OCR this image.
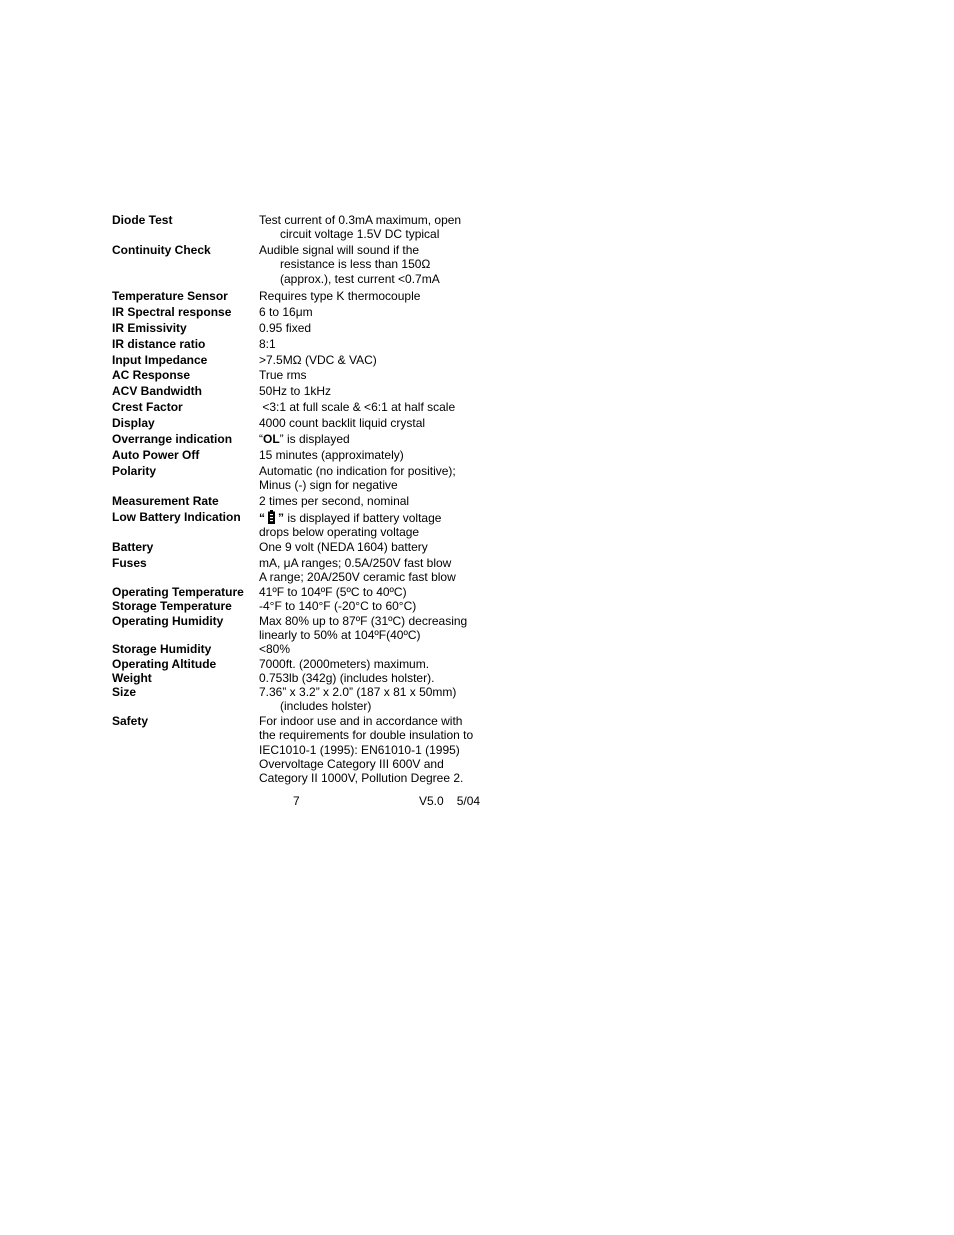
Diode Test	Test current of 0.3mA maximum, open
circuit voltage 1.5V DC typical
Continuity Check	Audible signal will sound if the
resistance is less than 150Ω
(approx.), test current <0.7mA
Temperature Sensor	Requires type K thermocouple
IR Spectral response	6 to 16μm
IR Emissivity	0.95 fixed
IR distance ratio	8:1
Input Impedance	>7.5MΩ (VDC & VAC)
AC Response	True rms
ACV Bandwidth	50Hz to 1kHz
Crest Factor	<3:1 at full scale & <6:1 at half scale
Display	4000 count backlit liquid crystal
Overrange indication	“OL” is displayed
Auto Power Off	15 minutes (approximately)
Polarity	Automatic (no indication for positive);
Minus (-) sign for negative
Measurement Rate	2 times per second, nominal
Low Battery Indication	“ ” is displayed if battery voltage
drops below operating voltage
Battery	One 9 volt (NEDA 1604) battery
Fuses	mA, μA ranges; 0.5A/250V fast blow
A range; 20A/250V ceramic fast blow
Operating Temperature	41ºF to 104ºF (5ºC to 40ºC)
Storage Temperature	-4°F to 140°F (-20°C to 60°C)
Operating Humidity	Max 80% up to 87ºF (31ºC) decreasing
linearly to 50% at 104ºF(40ºC)
Storage Humidity	<80%
Operating Altitude	7000ft. (2000meters) maximum.
Weight	0.753lb (342g) (includes holster).
Size	7.36” x 3.2” x 2.0” (187 x 81 x 50mm)
(includes holster)
Safety	For indoor use and in accordance with
the requirements for double insulation to
IEC1010-1 (1995): EN61010-1 (1995)
Overvoltage Category III 600V and
Category II 1000V, Pollution Degree 2.
7	V5.0 5/04
